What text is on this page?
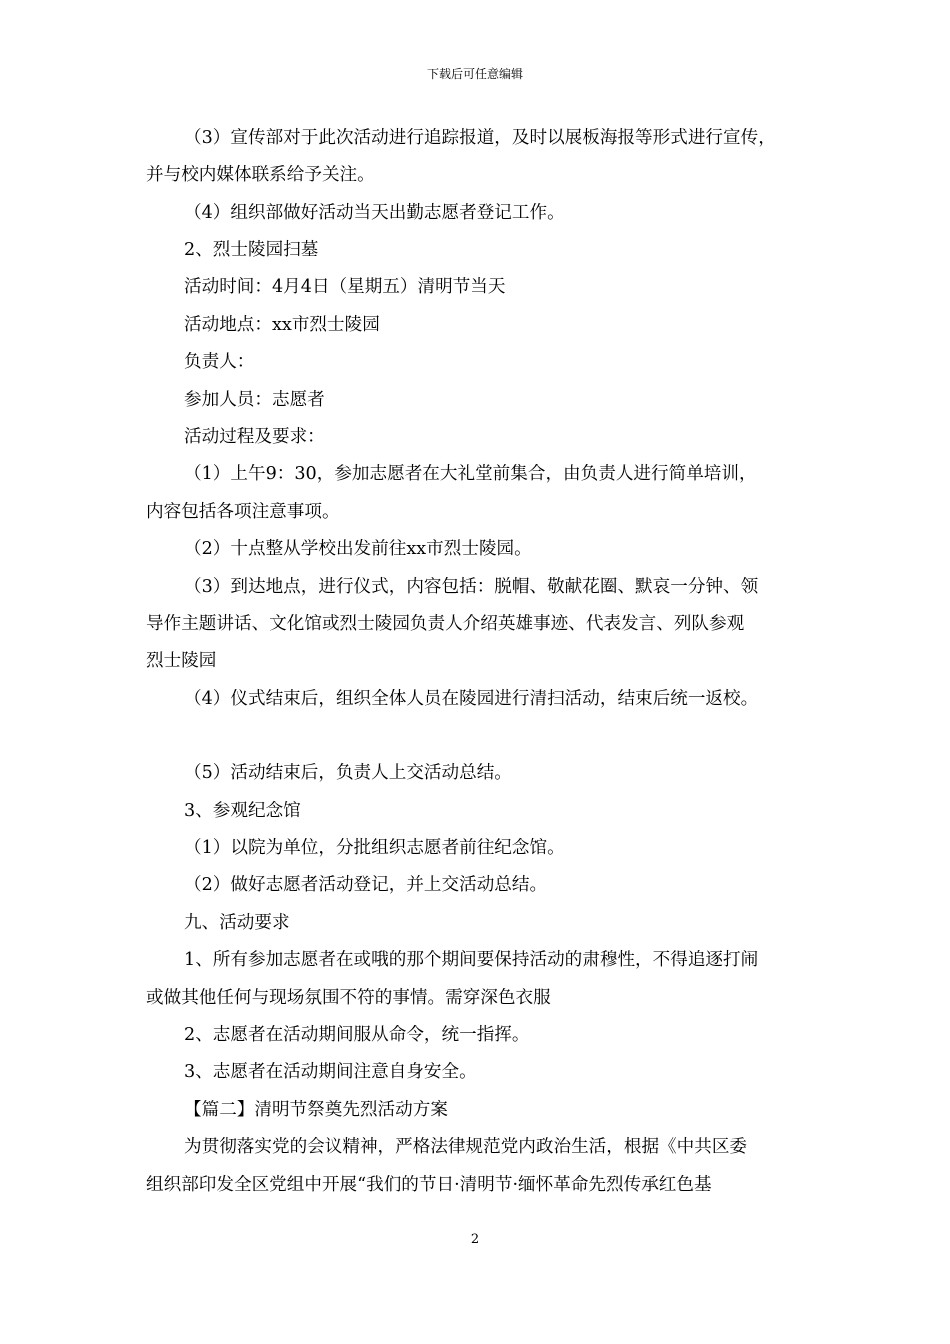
下载后可任意编辑
（3）宣传部对于此次活动进行追踪报道，及时以展板海报等形式进行宣传，
并与校内媒体联系给予关注。
（4）组织部做好活动当天出勤志愿者登记工作。
2、烈士陵园扫墓
活动时间：4月4日（星期五）清明节当天
活动地点：xx市烈士陵园
负责人：
参加人员：志愿者
活动过程及要求：
（1）上午9：30，参加志愿者在大礼堂前集合，由负责人进行简单培训，
内容包括各项注意事项。
（2）十点整从学校出发前往xx市烈士陵园。
（3）到达地点，进行仪式，内容包括：脱帽、敬献花圈、默哀一分钟、领
导作主题讲话、文化馆或烈士陵园负责人介绍英雄事迹、代表发言、列队参观
烈士陵园
（4）仪式结束后，组织全体人员在陵园进行清扫活动，结束后统一返校。
（5）活动结束后，负责人上交活动总结。
3、参观纪念馆
（1）以院为单位，分批组织志愿者前往纪念馆。
（2）做好志愿者活动登记，并上交活动总结。
九、活动要求
1、所有参加志愿者在或哦的那个期间要保持活动的肃穆性，不得追逐打闹
或做其他任何与现场氛围不符的事情。需穿深色衣服
2、志愿者在活动期间服从命令，统一指挥。
3、志愿者在活动期间注意自身安全。
【篇二】清明节祭奠先烈活动方案
为贯彻落实党的会议精神，严格法律规范党内政治生活，根据《中共区委
组织部印发全区党组中开展“我们的节日·清明节·缅怀革命先烈传承红色基
2
